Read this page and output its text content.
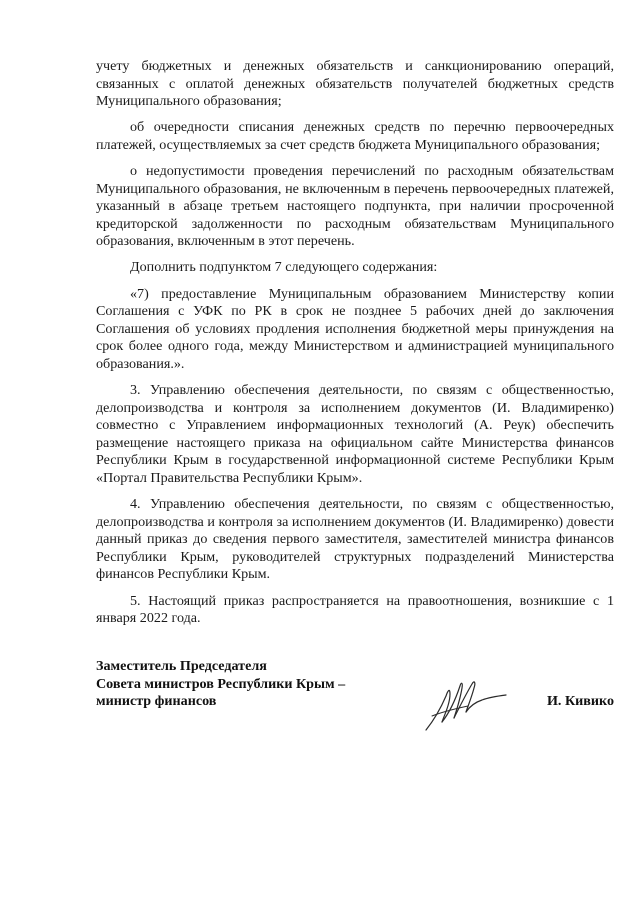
учету бюджетных и денежных обязательств и санкционированию операций, связанных с оплатой денежных обязательств получателей бюджетных средств Муниципального образования;

об очередности списания денежных средств по перечню первоочередных платежей, осуществляемых за счет средств бюджета Муниципального образования;

о недопустимости проведения перечислений по расходным обязательствам Муниципального образования, не включенным в перечень первоочередных платежей, указанный в абзаце третьем настоящего подпункта, при наличии просроченной кредиторской задолженности по расходным обязательствам Муниципального образования, включенным в этот перечень.

Дополнить подпунктом 7 следующего содержания:

«7) предоставление Муниципальным образованием Министерству копии Соглашения с УФК по РК в срок не позднее 5 рабочих дней до заключения Соглашения об условиях продления исполнения бюджетной меры принуждения на срок более одного года, между Министерством и администрацией муниципального образования.».

3. Управлению обеспечения деятельности, по связям с общественностью, делопроизводства и контроля за исполнением документов (И. Владимиренко) совместно с Управлением информационных технологий (А. Реук) обеспечить размещение настоящего приказа на официальном сайте Министерства финансов Республики Крым в государственной информационной системе Республики Крым «Портал Правительства Республики Крым».

4. Управлению обеспечения деятельности, по связям с общественностью, делопроизводства и контроля за исполнением документов (И. Владимиренко) довести данный приказ до сведения первого заместителя, заместителей министра финансов Республики Крым, руководителей структурных подразделений Министерства финансов Республики Крым.

5. Настоящий приказ распространяется на правоотношения, возникшие с 1 января 2022 года.

Заместитель Председателя
Совета министров Республики Крым –
министр финансов	И. Кивико
